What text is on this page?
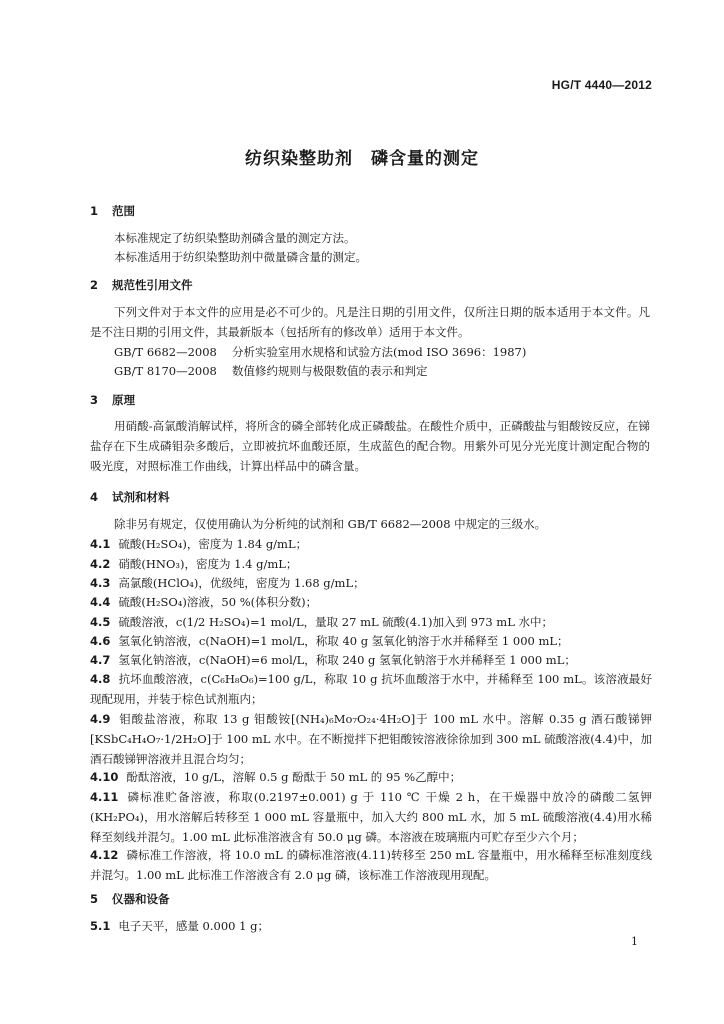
HG/T 4440—2012
纺织染整助剂 磷含量的测定
1 范围
本标准规定了纺织染整助剂磷含量的测定方法。
本标准适用于纺织染整助剂中微量磷含量的测定。
2 规范性引用文件
下列文件对于本文件的应用是必不可少的。凡是注日期的引用文件，仅所注日期的版本适用于本文件。凡是不注日期的引用文件，其最新版本（包括所有的修改单）适用于本文件。
GB/T 6682—2008 分析实验室用水规格和试验方法(mod ISO 3696：1987)
GB/T 8170—2008 数值修约规则与极限数值的表示和判定
3 原理
用硝酸-高氯酸消解试样，将所含的磷全部转化成正磷酸盐。在酸性介质中，正磷酸盐与钼酸铵反应，在锑盐存在下生成磷钼杂多酸后，立即被抗坏血酸还原，生成蓝色的配合物。用紫外可见分光光度计测定配合物的吸光度，对照标准工作曲线，计算出样品中的磷含量。
4 试剂和材料
除非另有规定，仅使用确认为分析纯的试剂和 GB/T 6682—2008 中规定的三级水。
4.1 硫酸(H₂SO₄)，密度为 1.84 g/mL；
4.2 硝酸(HNO₃)，密度为 1.4 g/mL；
4.3 高氯酸(HClO₄)，优级纯，密度为 1.68 g/mL；
4.4 硫酸(H₂SO₄)溶液，50 %(体积分数)；
4.5 硫酸溶液，c(1/2 H₂SO₄)=1 mol/L，量取 27 mL 硫酸(4.1)加入到 973 mL 水中；
4.6 氢氧化钠溶液，c(NaOH)=1 mol/L，称取 40 g 氢氧化钠溶于水并稀释至 1 000 mL；
4.7 氢氧化钠溶液，c(NaOH)=6 mol/L，称取 240 g 氢氧化钠溶于水并稀释至 1 000 mL；
4.8 抗坏血酸溶液，c(C₆H₈O₆)=100 g/L，称取 10 g 抗坏血酸溶于水中，并稀释至 100 mL。该溶液最好现配现用，并装于棕色试剂瓶内；
4.9 钼酸盐溶液，称取 13 g 钼酸铵[(NH₄)₆Mo₇O₂₄·4H₂O]于 100 mL 水中。溶解 0.35 g 酒石酸锑钾[KSbC₄H₄O₇·1/2H₂O]于 100 mL 水中。在不断搅拌下把钼酸铵溶液徐徐加到 300 mL 硫酸溶液(4.4)中，加酒石酸锑钾溶液并且混合均匀；
4.10 酚酞溶液，10 g/L，溶解 0.5 g 酚酞于 50 mL 的 95 %乙醇中；
4.11 磷标准贮备溶液，称取(0.2197±0.001) g 于 110 ℃ 干燥 2 h，在干燥器中放冷的磷酸二氢钾(KH₂PO₄)，用水溶解后转移至 1 000 mL 容量瓶中，加入大约 800 mL 水，加 5 mL 硫酸溶液(4.4)用水稀释至刻线并混匀。1.00 mL 此标准溶液含有 50.0 μg 磷。本溶液在玻璃瓶内可贮存至少六个月；
4.12 磷标准工作溶液，将 10.0 mL 的磷标准溶液(4.11)转移至 250 mL 容量瓶中，用水稀释至标准刻度线并混匀。1.00 mL 此标准工作溶液含有 2.0 μg 磷，该标准工作溶液现用现配。
5 仪器和设备
5.1 电子天平，感量 0.000 1 g；
1
